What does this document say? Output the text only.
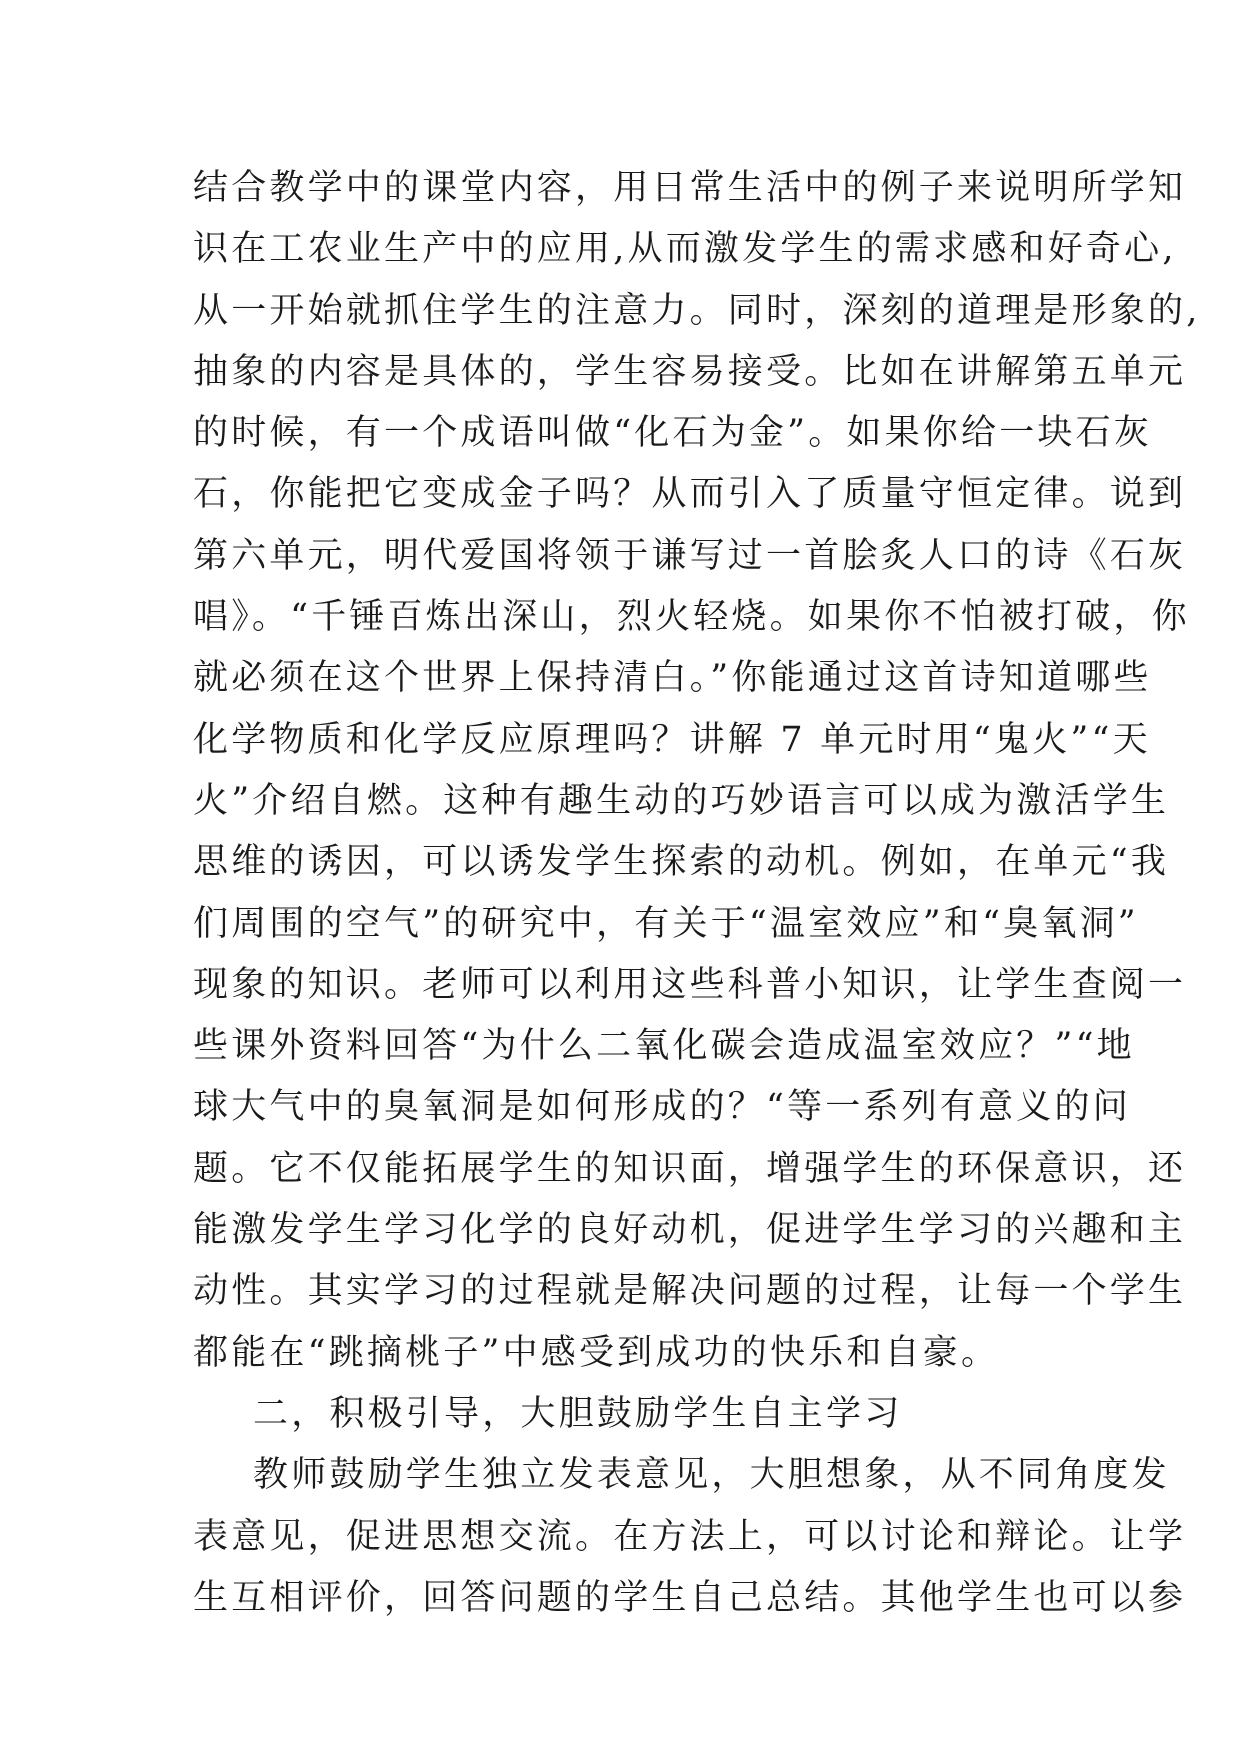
结合教学中的课堂内容，用日常生活中的例子来说明所学知
识在工农业生产中的应用,从而激发学生的需求感和好奇心,
从一开始就抓住学生的注意力。同时，深刻的道理是形象的,
抽象的内容是具体的，学生容易接受。比如在讲解第五单元
的时候，有一个成语叫做“化石为金”。如果你给一块石灰
石，你能把它变成金子吗？从而引入了质量守恒定律。说到
第六单元，明代爱国将领于谦写过一首脍炙人口的诗《石灰
唱》。“千锤百炼出深山，烈火轻烧。如果你不怕被打破，你
就必须在这个世界上保持清白。”你能通过这首诗知道哪些
化学物质和化学反应原理吗？讲解 7 单元时用“鬼火”“天
火”介绍自燃。这种有趣生动的巧妙语言可以成为激活学生
思维的诱因，可以诱发学生探索的动机。例如，在单元“我
们周围的空气”的研究中，有关于“温室效应”和“臭氧洞”
现象的知识。老师可以利用这些科普小知识，让学生查阅一
些课外资料回答“为什么二氧化碳会造成温室效应？”“地
球大气中的臭氧洞是如何形成的？“等一系列有意义的问
题。它不仅能拓展学生的知识面，增强学生的环保意识，还
能激发学生学习化学的良好动机，促进学生学习的兴趣和主
动性。其实学习的过程就是解决问题的过程，让每一个学生
都能在“跳摘桃子”中感受到成功的快乐和自豪。
二，积极引导，大胆鼓励学生自主学习
教师鼓励学生独立发表意见，大胆想象，从不同角度发
表意见，促进思想交流。在方法上，可以讨论和辩论。让学
生互相评价，回答问题的学生自己总结。其他学生也可以参
